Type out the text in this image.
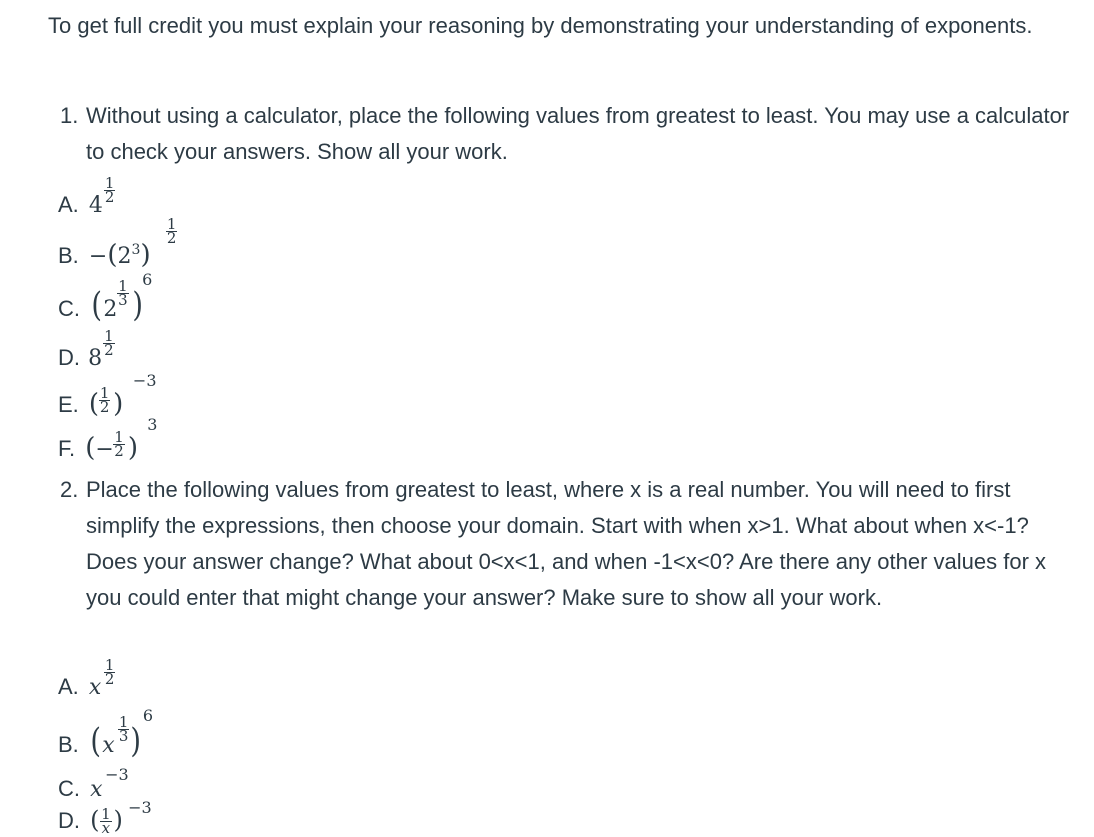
To get full credit you must explain your reasoning by demonstrating your understanding of exponents.

1. Without using a calculator, place the following values from greatest to least. You may use a calculator to check your answers. Show all your work.
A. 4
1
2
B. $-(2^3)$
1
2
C. (2 )
1
3
6
D. 8
1
2
E. ( )
1
2
−3
F. (− )
1
2
3
2. Place the following values from greatest to least, where x is a real number. You will need to first simplify the expressions, then choose your domain. Start with when x>1. What about when x<-1? Does your answer change? What about 0<x<1, and when -1<x<0? Are there any other values for x you could enter that might change your answer? Make sure to show all your work.
A. x
1
2
B. (x )
1
3
6
C. x
−3
D. ( )
1
x
−3
